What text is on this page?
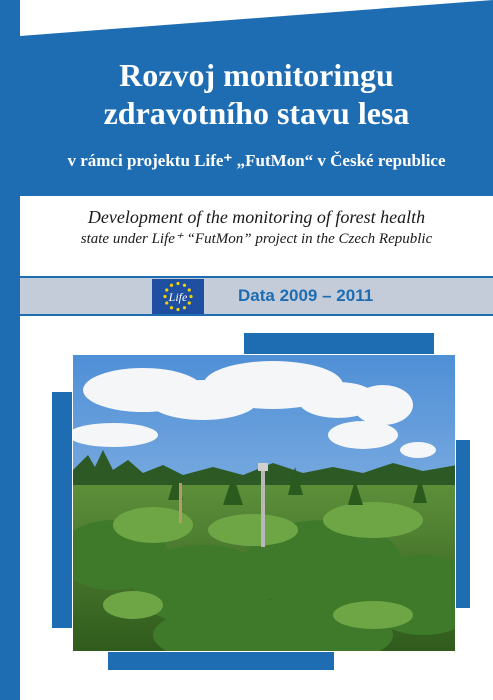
Rozvoj monitoringu
zdravotního stavu lesa
v rámci projektu Life⁺ „FutMon“ v České republice
Development of the monitoring of forest health
state under Life⁺ “FutMon” project in the Czech Republic
Life	Data 2009 – 2011
